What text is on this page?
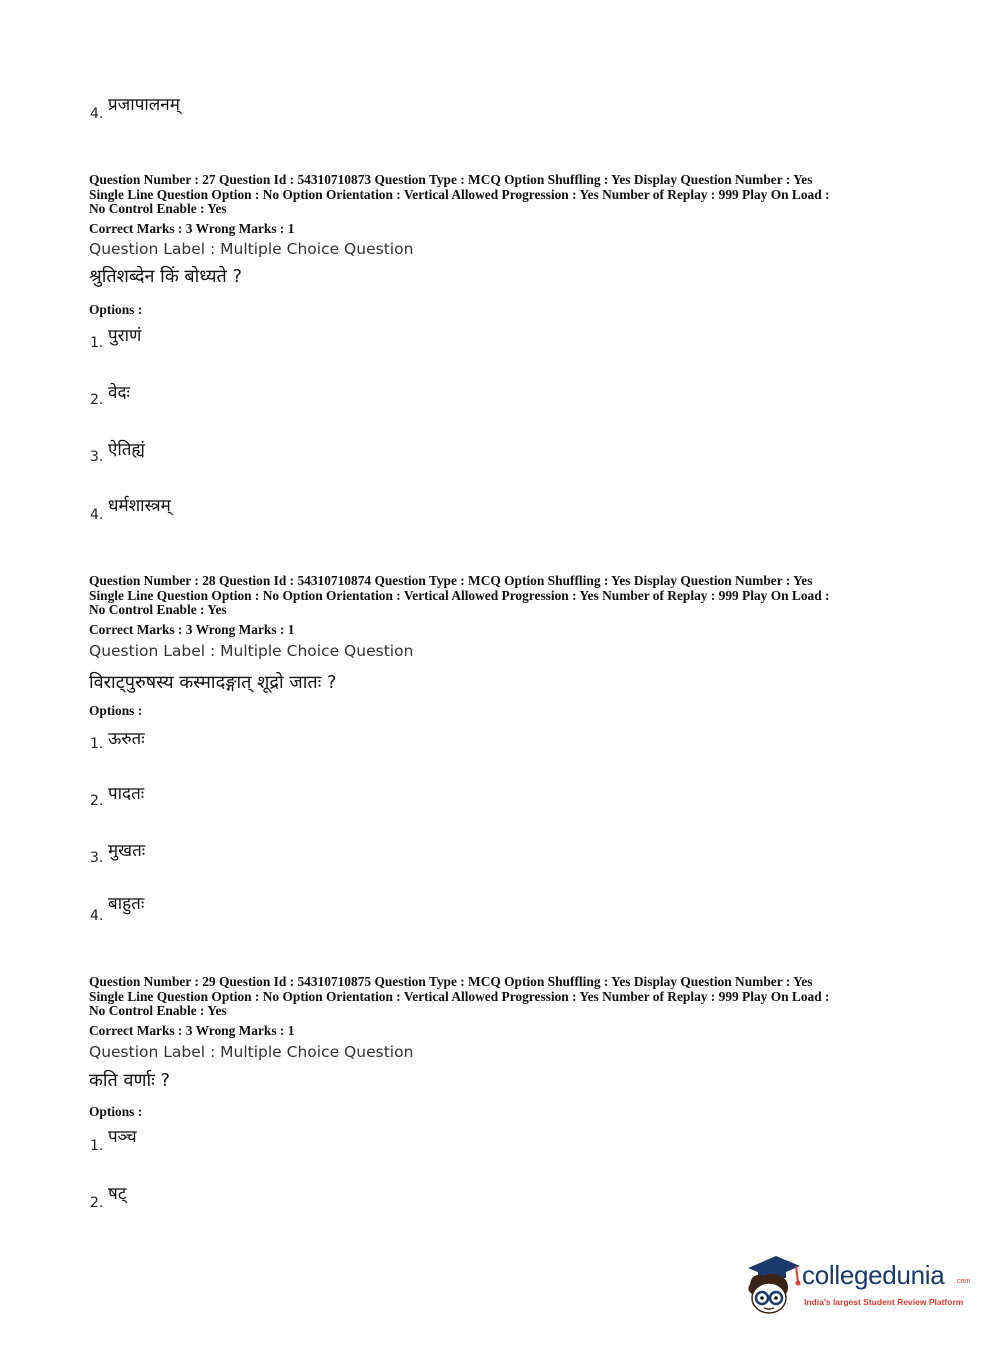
4. प्रजापालनम्
Question Number : 27 Question Id : 54310710873 Question Type : MCQ Option Shuffling : Yes Display Question Number : Yes
Single Line Question Option : No Option Orientation : Vertical Allowed Progression : Yes Number of Replay : 999 Play On Load :
No Control Enable : Yes
Correct Marks : 3 Wrong Marks : 1
Question Label : Multiple Choice Question
श्रुतिशब्देन किं बोध्यते ?
Options :
1. पुराणं
2. वेदः
3. ऐतिह्यं
4. धर्मशास्त्रम्
Question Number : 28 Question Id : 54310710874 Question Type : MCQ Option Shuffling : Yes Display Question Number : Yes
Single Line Question Option : No Option Orientation : Vertical Allowed Progression : Yes Number of Replay : 999 Play On Load :
No Control Enable : Yes
Correct Marks : 3 Wrong Marks : 1
Question Label : Multiple Choice Question
विराट्पुरुषस्य कस्मादङ्गात् शूद्रो जातः ?
Options :
1. ऊरुतः
2. पादतः
3. मुखतः
4.
बाहुतः
Question Number : 29 Question Id : 54310710875 Question Type : MCQ Option Shuffling : Yes Display Question Number : Yes
Single Line Question Option : No Option Orientation : Vertical Allowed Progression : Yes Number of Replay : 999 Play On Load :
No Control Enable : Yes
Correct Marks : 3 Wrong Marks : 1
Question Label : Multiple Choice Question
कति वर्णाः ?
Options :
1. पञ्च
2. षट्
collegedunia .com
India's largest Student Review Platform
